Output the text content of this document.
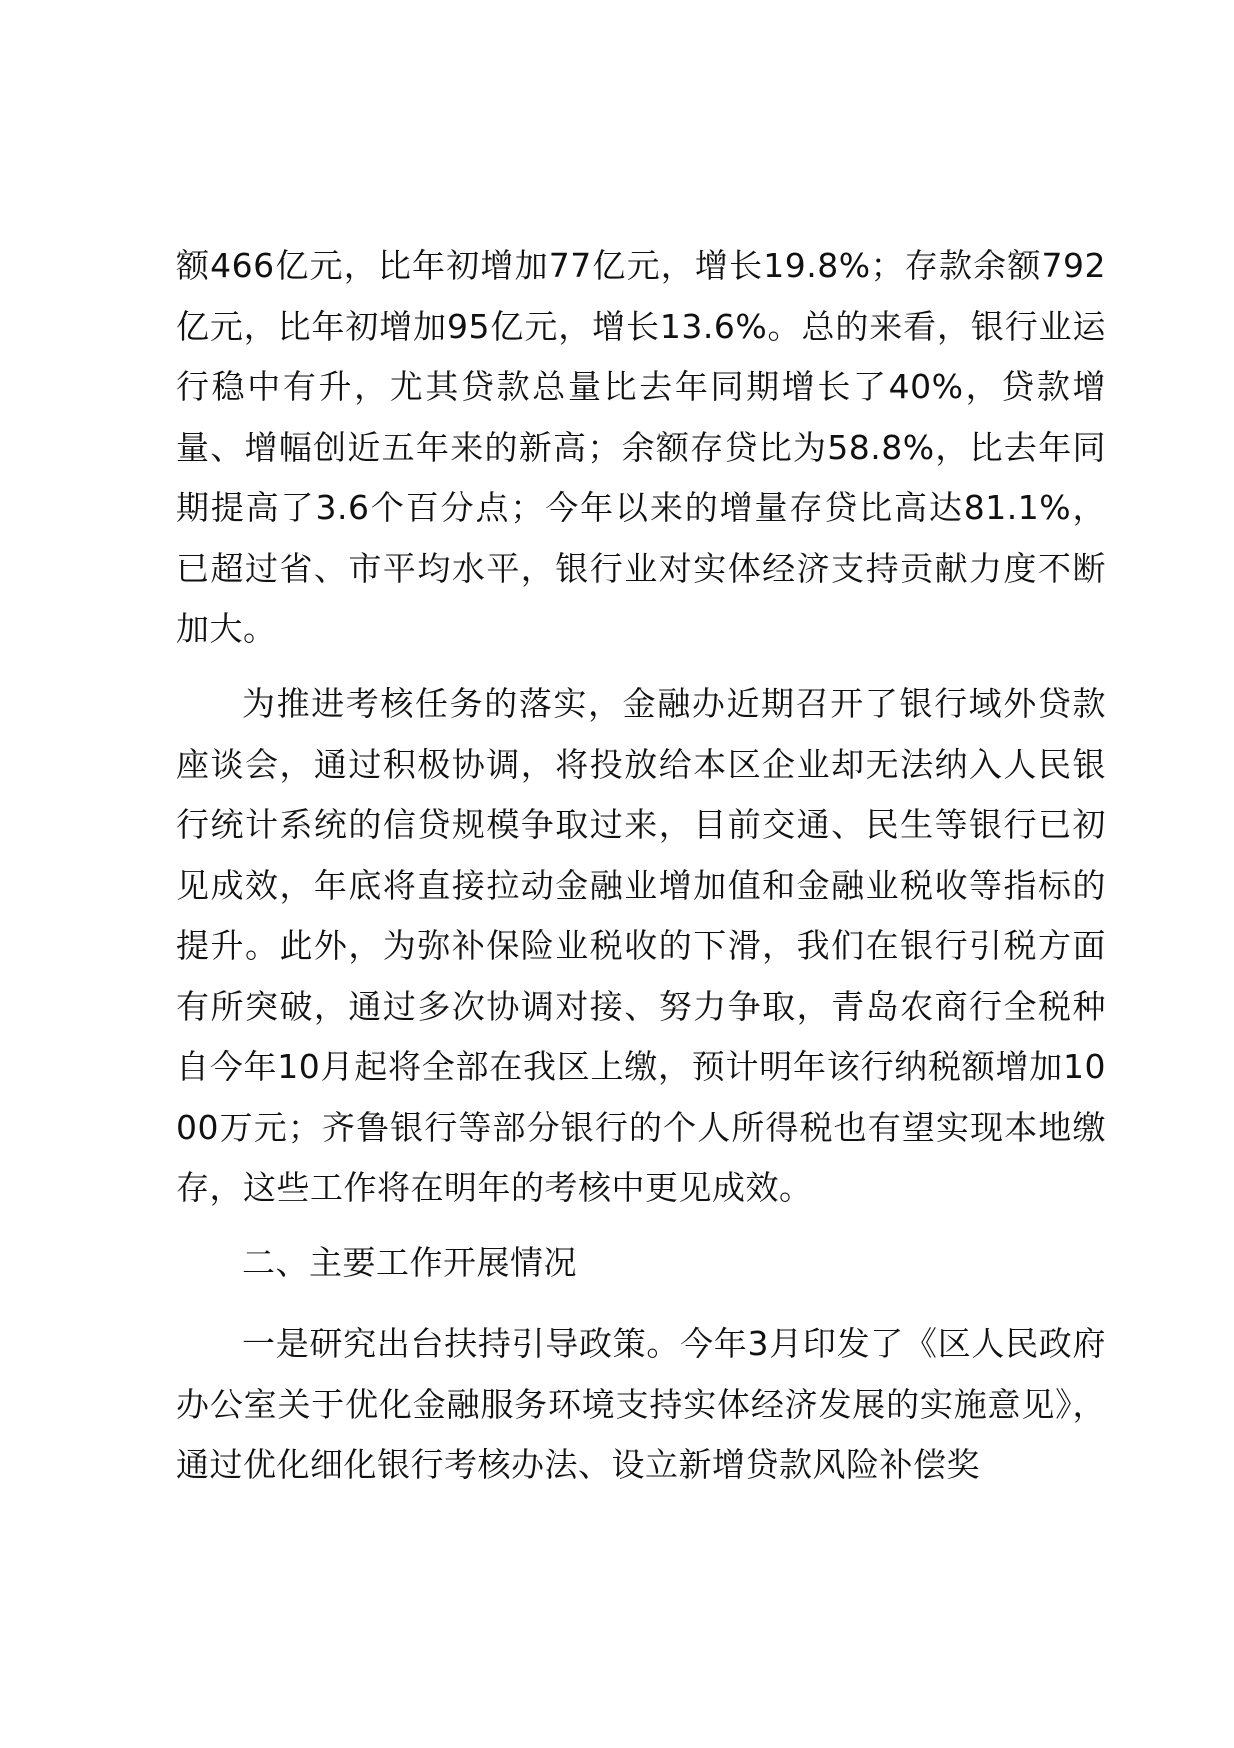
额466亿元，比年初增加77亿元，增长19.8%；存款余额792亿元，比年初增加95亿元，增长13.6%。总的来看，银行业运行稳中有升，尤其贷款总量比去年同期增长了40%，贷款增量、增幅创近五年来的新高；余额存贷比为58.8%，比去年同期提高了3.6个百分点；今年以来的增量存贷比高达81.1%，已超过省、市平均水平，银行业对实体经济支持贡献力度不断加大。

为推进考核任务的落实，金融办近期召开了银行域外贷款座谈会，通过积极协调，将投放给本区企业却无法纳入人民银行统计系统的信贷规模争取过来，目前交通、民生等银行已初见成效，年底将直接拉动金融业增加值和金融业税收等指标的提升。此外，为弥补保险业税收的下滑，我们在银行引税方面有所突破，通过多次协调对接、努力争取，青岛农商行全税种自今年10月起将全部在我区上缴，预计明年该行纳税额增加1000万元；齐鲁银行等部分银行的个人所得税也有望实现本地缴存，这些工作将在明年的考核中更见成效。

二、主要工作开展情况

一是研究出台扶持引导政策。今年3月印发了《区人民政府办公室关于优化金融服务环境支持实体经济发展的实施意见》，通过优化细化银行考核办法、设立新增贷款风险补偿奖
